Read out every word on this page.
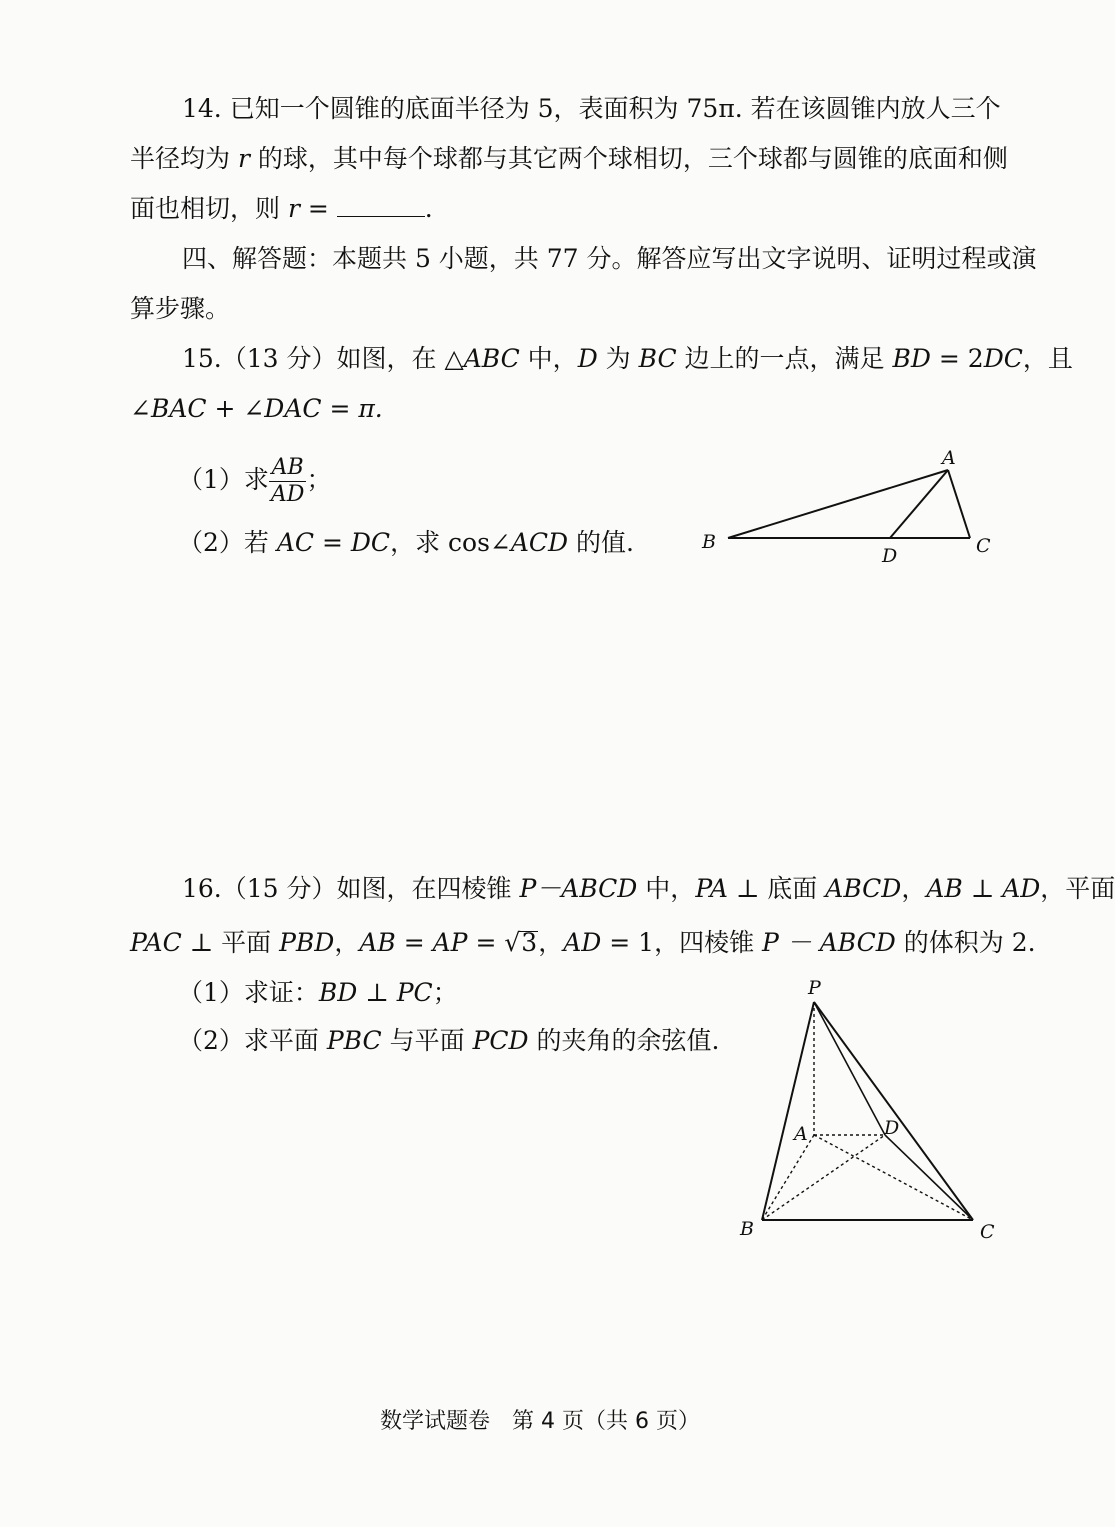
14. 已知一个圆锥的底面半径为 5，表面积为 75π. 若在该圆锥内放人三个
半径均为 r 的球，其中每个球都与其它两个球相切，三个球都与圆锥的底面和侧
面也相切，则 r =	.
四、解答题：本题共 5 小题，共 77 分。解答应写出文字说明、证明过程或演
算步骤。
15.（13 分）如图，在 △ABC 中，D 为 BC 边上的一点，满足 BD = 2DC，且
∠BAC + ∠DAC = π.
（1）求 $\frac{AB}{AD}$ ；
（2）若 AC = DC，求 cos∠ACD 的值.
A
B	C
D
16.（15 分）如图，在四棱锥 P－ABCD 中，PA ⊥ 底面 ABCD，AB ⊥ AD，平面
PAC ⊥ 平面 PBD，AB = AP = √3，AD = 1，四棱锥 P － ABCD 的体积为 2.
（1）求证：BD ⊥ PC；
（2）求平面 PBC 与平面 PCD 的夹角的余弦值.
P
A	D
B	C
数学试题卷　第 4 页（共 6 页）
